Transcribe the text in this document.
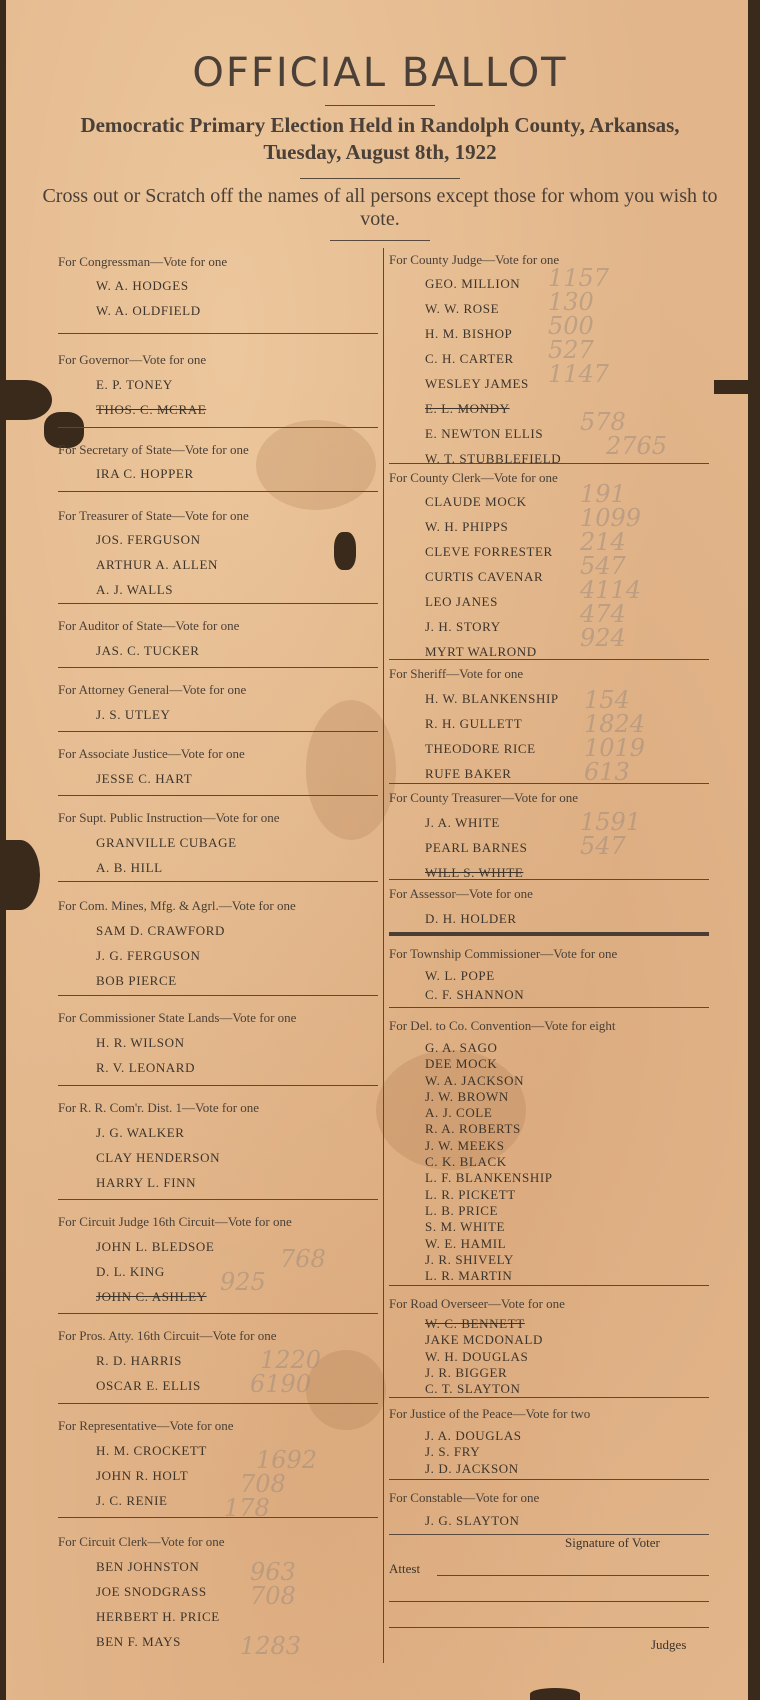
OFFICIAL BALLOT
Democratic Primary Election Held in Randolph County, Arkansas, Tuesday, August 8th, 1922
Cross out or Scratch off the names of all persons except those for whom you wish to vote.
For Congressman—Vote for one
W. A. HODGES
W. A. OLDFIELD
For Governor—Vote for one
E. P. TONEY
THOS. C. MCRAE
For Secretary of State—Vote for one
IRA C. HOPPER
For Treasurer of State—Vote for one
JOS. FERGUSON
ARTHUR A. ALLEN
A. J. WALLS
For Auditor of State—Vote for one
JAS. C. TUCKER
For Attorney General—Vote for one
J. S. UTLEY
For Associate Justice—Vote for one
JESSE C. HART
For Supt. Public Instruction—Vote for one
GRANVILLE CUBAGE
A. B. HILL
For Com. Mines, Mfg. & Agrl.—Vote for one
SAM D. CRAWFORD
J. G. FERGUSON
BOB PIERCE
For Commissioner State Lands—Vote for one
H. R. WILSON
R. V. LEONARD
For R. R. Com'r. Dist. 1—Vote for one
J. G. WALKER
CLAY HENDERSON
HARRY L. FINN
For Circuit Judge 16th Circuit—Vote for one
JOHN L. BLEDSOE
D. L. KING
JOHN C. ASHLEY
For Pros. Atty. 16th Circuit—Vote for one
R. D. HARRIS
OSCAR E. ELLIS
For Representative—Vote for one
H. M. CROCKETT
JOHN R. HOLT
J. C. RENIE
For Circuit Clerk—Vote for one
BEN JOHNSTON
JOE SNODGRASS
HERBERT H. PRICE
BEN F. MAYS
For County Judge—Vote for one
GEO. MILLION
W. W. ROSE
H. M. BISHOP
C. H. CARTER
WESLEY JAMES
E. L. MONDY
E. NEWTON ELLIS
W. T. STUBBLEFIELD
For County Clerk—Vote for one
CLAUDE MOCK
W. H. PHIPPS
CLEVE FORRESTER
CURTIS CAVENAR
LEO JANES
J. H. STORY
MYRT WALROND
For Sheriff—Vote for one
H. W. BLANKENSHIP
R. H. GULLETT
THEODORE RICE
RUFE BAKER
For County Treasurer—Vote for one
J. A. WHITE
PEARL BARNES
WILL S. WHITE
For Assessor—Vote for one
D. H. HOLDER
For Township Commissioner—Vote for one
W. L. POPE
C. F. SHANNON
For Del. to Co. Convention—Vote for eight
G. A. SAGO
DEE MOCK
W. A. JACKSON
J. W. BROWN
A. J. COLE
R. A. ROBERTS
J. W. MEEKS
C. K. BLACK
L. F. BLANKENSHIP
L. R. PICKETT
L. B. PRICE
S. M. WHITE
W. E. HAMIL
J. R. SHIVELY
L. R. MARTIN
For Road Overseer—Vote for one
W. C. BENNETT
JAKE MCDONALD
W. H. DOUGLAS
J. R. BIGGER
C. T. SLAYTON
For Justice of the Peace—Vote for two
J. A. DOUGLAS
J. S. FRY
J. D. JACKSON
For Constable—Vote for one
J. G. SLAYTON
Signature of Voter
Attest
Judges
1157
130
500
527
1147
578
2765
191
1099
214
547
4114
474
924
154
1824
1019
613
1591
547
768
925
1220
6190
1692
708
178
963
708
1283
